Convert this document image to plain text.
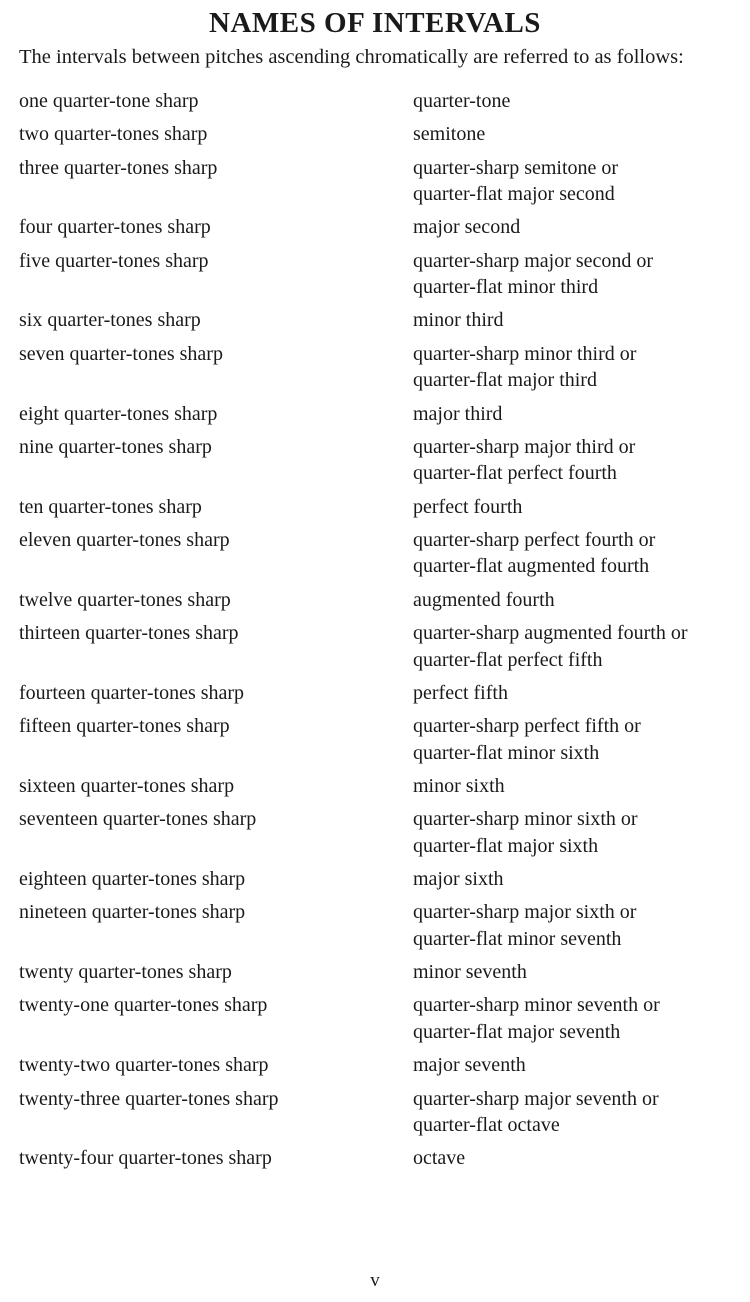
NAMES OF INTERVALS

The intervals between pitches ascending chromatically are referred to as follows:

one quarter-tone sharp	quarter-tone
two quarter-tones sharp	semitone
three quarter-tones sharp	quarter-sharp semitone or
quarter-flat major second
four quarter-tones sharp	major second
five quarter-tones sharp	quarter-sharp major second or
quarter-flat minor third
six quarter-tones sharp	minor third
seven quarter-tones sharp	quarter-sharp minor third or
quarter-flat major third
eight quarter-tones sharp	major third
nine quarter-tones sharp	quarter-sharp major third or
quarter-flat perfect fourth
ten quarter-tones sharp	perfect fourth
eleven quarter-tones sharp	quarter-sharp perfect fourth or
quarter-flat augmented fourth
twelve quarter-tones sharp	augmented fourth
thirteen quarter-tones sharp	quarter-sharp augmented fourth or
quarter-flat perfect fifth
fourteen quarter-tones sharp	perfect fifth
fifteen quarter-tones sharp	quarter-sharp perfect fifth or
quarter-flat minor sixth
sixteen quarter-tones sharp	minor sixth
seventeen quarter-tones sharp	quarter-sharp minor sixth or
quarter-flat major sixth
eighteen quarter-tones sharp	major sixth
nineteen quarter-tones sharp	quarter-sharp major sixth or
quarter-flat minor seventh
twenty quarter-tones sharp	minor seventh
twenty-one quarter-tones sharp	quarter-sharp minor seventh or
quarter-flat major seventh
twenty-two quarter-tones sharp	major seventh
twenty-three quarter-tones sharp	quarter-sharp major seventh or
quarter-flat octave
twenty-four quarter-tones sharp	octave
v
